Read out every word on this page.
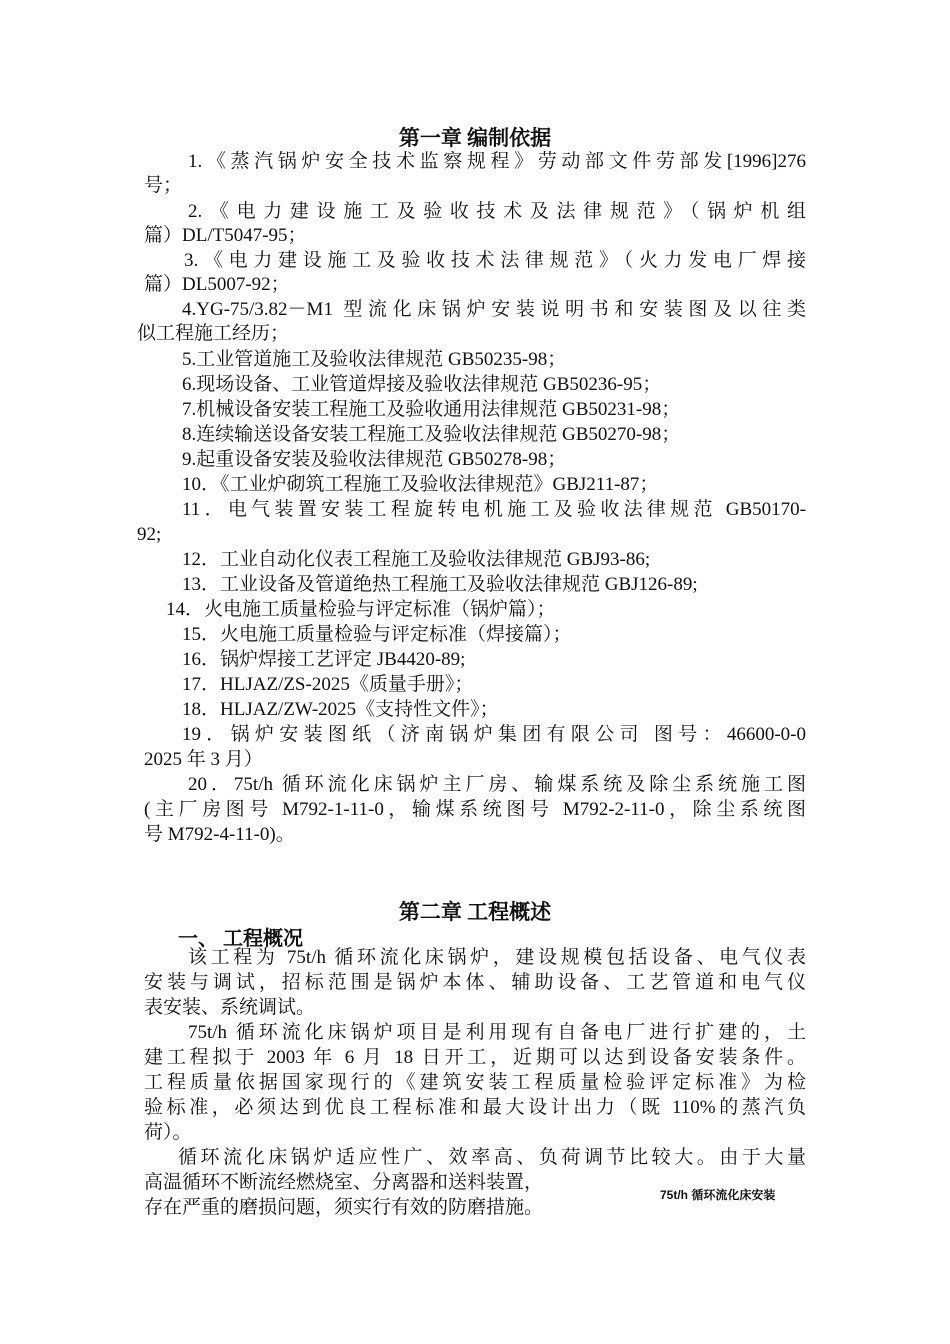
第一章 编制依据
1.《蒸汽锅炉安全技术监察规程》劳动部文件劳部发[1996]276
号；
2.《电力建设施工及验收技术及法律规范》（锅炉机组
篇）DL/T5047-95；
3.《电力建设施工及验收技术法律规范》（火力发电厂焊接
篇）DL5007-92；
4.YG-75/3.82－M1 型流化床锅炉安装说明书和安装图及以往类
似工程施工经历；
5.工业管道施工及验收法律规范 GB50235-98；
6.现场设备、工业管道焊接及验收法律规范 GB50236-95；
7.机械设备安装工程施工及验收通用法律规范 GB50231-98；
8.连续输送设备安装工程施工及验收法律规范 GB50270-98；
9.起重设备安装及验收法律规范 GB50278-98；
10．《工业炉砌筑工程施工及验收法律规范》GBJ211-87；
11．电气装置安装工程旋转电机施工及验收法律规范 GB50170-
92;
12．工业自动化仪表工程施工及验收法律规范 GBJ93-86;
13．工业设备及管道绝热工程施工及验收法律规范 GBJ126-89;
14．火电施工质量检验与评定标准（锅炉篇）；
15．火电施工质量检验与评定标准（焊接篇）；
16．锅炉焊接工艺评定 JB4420-89;
17．HLJAZ/ZS-2025《质量手册》；
18．HLJAZ/ZW-2025《支持性文件》；
19．锅炉安装图纸（济南锅炉集团有限公司 图号：46600-0-0
2025 年 3 月）
20．75t/h 循环流化床锅炉主厂房、输煤系统及除尘系统施工图
(主厂房图号 M792-1-11-0，输煤系统图号 M792-2-11-0，除尘系统图
号 M792-4-11-0)。
第二章 工程概述
一、 工程概况
该工程为 75t/h 循环流化床锅炉，建设规模包括设备、电气仪表
安装与调试，招标范围是锅炉本体、辅助设备、工艺管道和电气仪
表安装、系统调试。
75t/h 循环流化床锅炉项目是利用现有自备电厂进行扩建的，土
建工程拟于 2003 年 6 月 18 日开工，近期可以达到设备安装条件。
工程质量依据国家现行的《建筑安装工程质量检验评定标准》为检
验标准，必须达到优良工程标准和最大设计出力（既 110%的蒸汽负
荷）。
循环流化床锅炉适应性广、效率高、负荷调节比较大。由于大量
高温循环不断流经燃烧室、分离器和送料装置，
存在严重的磨损问题，须实行有效的防磨措施。
75t/h 循环流化床安装
